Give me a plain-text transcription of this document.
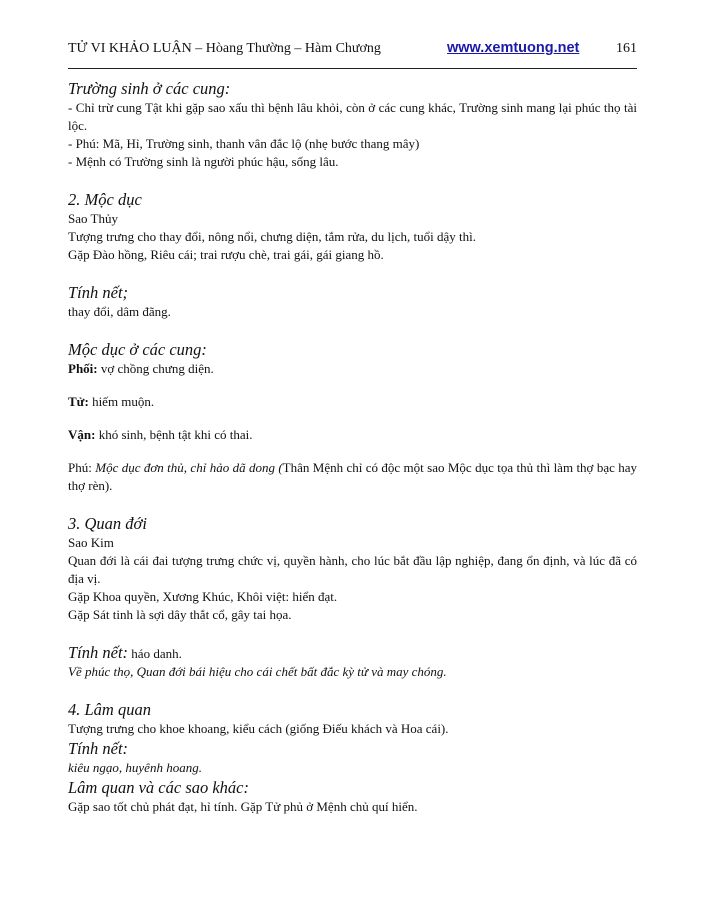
TỬ VI KHẢO LUẬN – Hòang Thường – Hàm Chương	www.xemtuong.net	161

Trường sinh ở các cung:

- Chỉ trừ cung Tật khi gặp sao xấu thì bệnh lâu khỏi, còn ở các cung khác, Trường sinh mang lại phúc thọ tài lộc.

- Phú: Mã, Hỉ, Trường sinh, thanh vân đắc lộ (nhẹ bước thang mây)

- Mệnh có Trường sinh là người phúc hậu, sống lâu.

2. Mộc dục

Sao Thủy

Tượng trưng cho thay đổi, nông nổi, chưng diện, tắm rửa, du lịch, tuổi dậy thì.

Gặp Đào hồng, Riêu cái; trai rượu chè, trai gái, gái giang hồ.

Tính nết;

thay đổi, dâm đãng.

Mộc dục ở các cung:

Phối: vợ chồng chưng diện.

Tử: hiếm muộn.

Vận: khó sinh, bệnh tật khi có thai.

Phú: Mộc dục đơn thủ, chỉ hảo dã dong (Thân Mệnh chỉ có độc một sao Mộc dục tọa thủ thì làm thợ bạc hay thợ rèn).

3. Quan đới

Sao Kim

Quan đới là cái đai tượng trưng chức vị, quyền hành, cho lúc bắt đầu lập nghiệp, đang ổn định, và lúc đã có địa vị.

Gặp Khoa quyền, Xương Khúc, Khôi việt: hiển đạt.

Gặp Sát tinh là sợi dây thắt cổ, gây tai họa.

Tính nết: háo danh.

Về phúc thọ, Quan đới bái hiệu cho cái chết bất đắc kỳ tử và may chóng.

4. Lâm quan

Tượng trưng cho khoe khoang, kiểu cách (giống Điếu khách và Hoa cái).

Tính nết:

kiêu ngạo, huyênh hoang.

Lâm quan và các sao khác:

Gặp sao tốt chủ phát đạt, hỉ tính. Gặp Tử phủ ở Mệnh chủ quí hiển.
